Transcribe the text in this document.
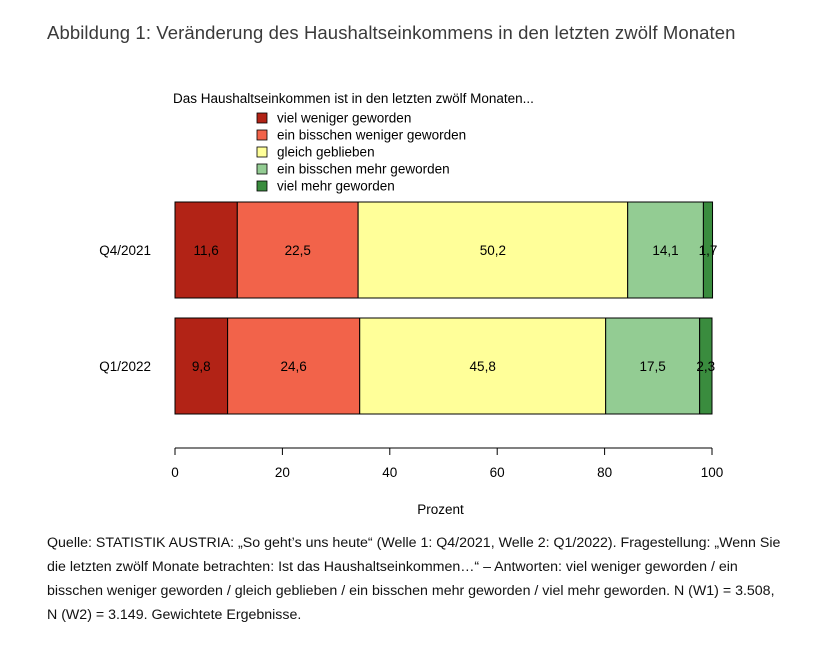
Abbildung 1: Veränderung des Haushaltseinkommens in den letzten zwölf Monaten
Das Haushaltseinkommen ist in den letzten zwölf Monaten...
viel weniger geworden
ein bisschen weniger geworden
gleich geblieben
ein bisschen mehr geworden
viel mehr geworden
Q4/2021	11,6	22,5	50,2	14,1 1,7
Q1/2022	9,8	24,6	45,8	17,5 2,3
0	20	40	60	80	100
Prozent
Quelle: STATISTIK AUSTRIA: „So geht’s uns heute“ (Welle 1: Q4/2021, Welle 2: Q1/2022). Fragestellung: „Wenn Sie die letzten zwölf Monate betrachten: Ist das Haushaltseinkommen…“ – Antworten: viel weniger geworden / ein bisschen weniger geworden / gleich geblieben / ein bisschen mehr geworden / viel mehr geworden. N (W1) = 3.508, N (W2) = 3.149. Gewichtete Ergebnisse.
